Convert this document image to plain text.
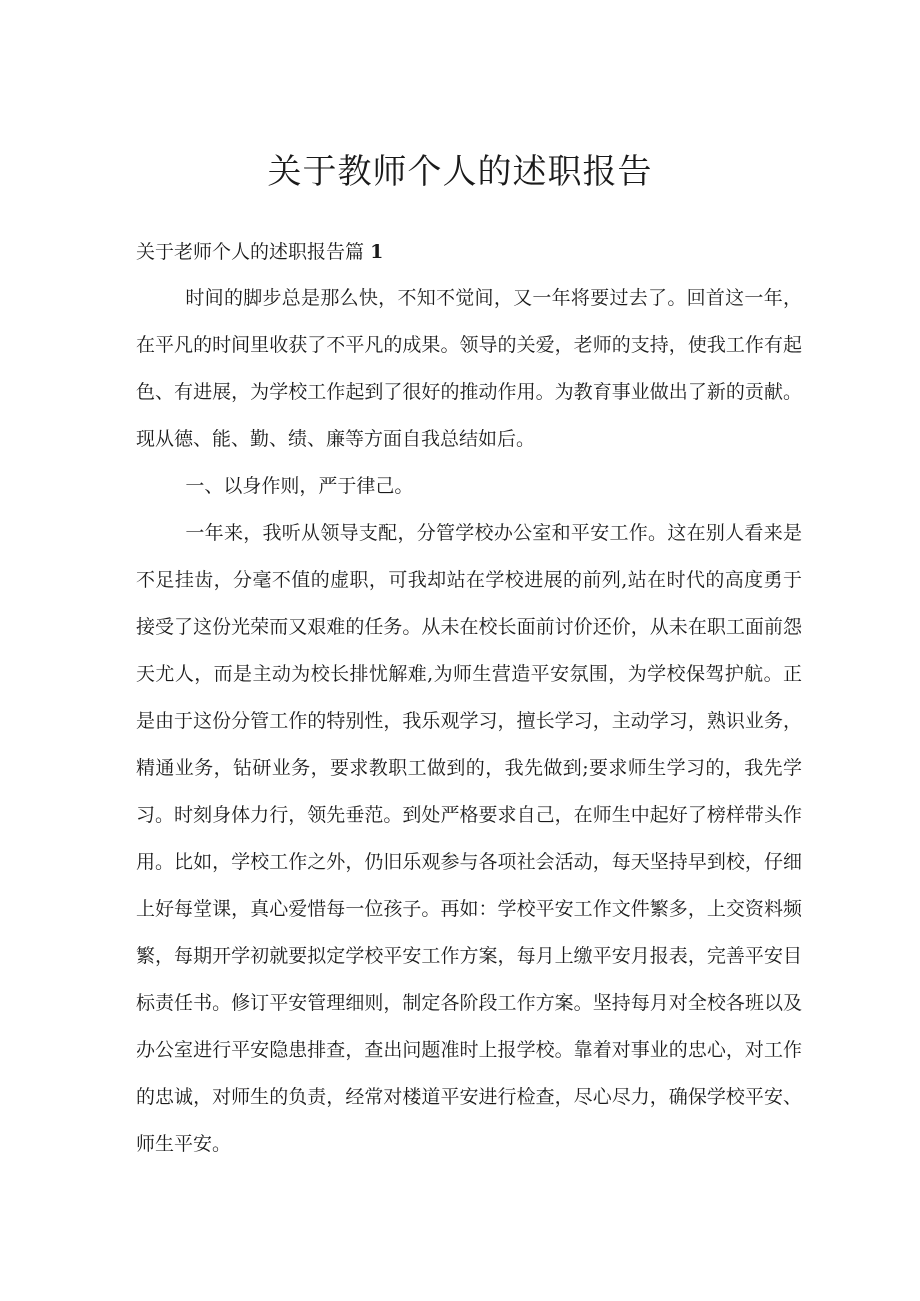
关于教师个人的述职报告
关于老师个人的述职报告篇 1

时间的脚步总是那么快，不知不觉间，又一年将要过去了。回首这一年，在平凡的时间里收获了不平凡的成果。领导的关爱，老师的支持，使我工作有起色、有进展，为学校工作起到了很好的推动作用。为教育事业做出了新的贡献。现从德、能、勤、绩、廉等方面自我总结如后。

一、以身作则，严于律己。

一年来，我听从领导支配，分管学校办公室和平安工作。这在别人看来是不足挂齿，分毫不值的虚职，可我却站在学校进展的前列,站在时代的高度勇于接受了这份光荣而又艰难的任务。从未在校长面前讨价还价，从未在职工面前怨天尤人，而是主动为校长排忧解难,为师生营造平安氛围，为学校保驾护航。正是由于这份分管工作的特别性，我乐观学习，擅长学习，主动学习，熟识业务，精通业务，钻研业务，要求教职工做到的，我先做到;要求师生学习的，我先学习。时刻身体力行，领先垂范。到处严格要求自己，在师生中起好了榜样带头作用。比如，学校工作之外，仍旧乐观参与各项社会活动，每天坚持早到校，仔细上好每堂课，真心爱惜每一位孩子。再如：学校平安工作文件繁多，上交资料频繁，每期开学初就要拟定学校平安工作方案，每月上缴平安月报表，完善平安目标责任书。修订平安管理细则，制定各阶段工作方案。坚持每月对全校各班以及办公室进行平安隐患排查，查出问题准时上报学校。靠着对事业的忠心，对工作的忠诚，对师生的负责，经常对楼道平安进行检查，尽心尽力，确保学校平安、师生平安。
